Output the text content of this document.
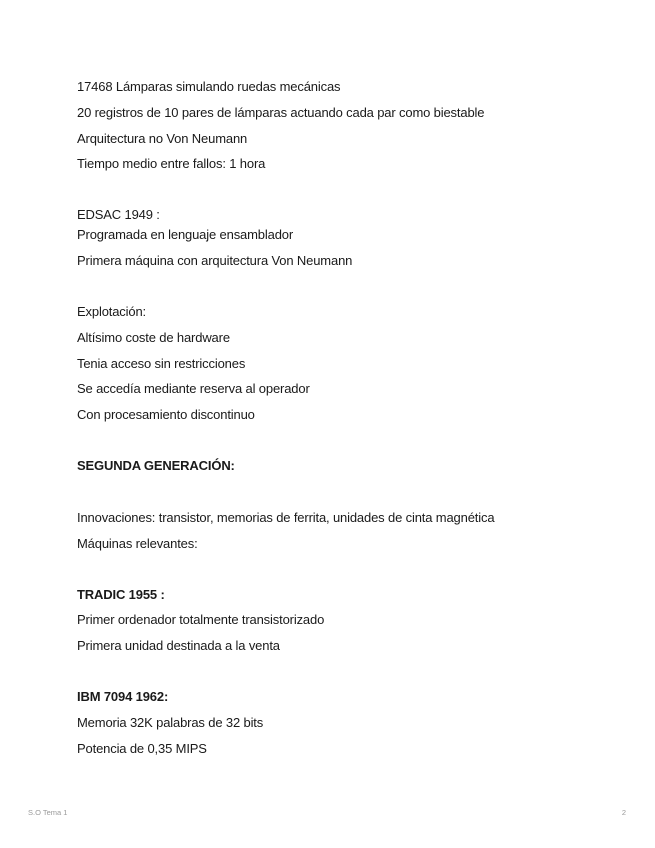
17468 Lámparas simulando ruedas mecánicas
20 registros de 10 pares de lámparas actuando cada par como biestable
Arquitectura no Von Neumann
Tiempo medio entre fallos: 1 hora
EDSAC 1949 :
Programada en lenguaje ensamblador
Primera máquina con arquitectura Von Neumann
Explotación:
Altísimo coste de hardware
Tenia acceso sin restricciones
Se accedía mediante reserva al operador
Con procesamiento discontinuo
SEGUNDA GENERACIÓN:
Innovaciones: transistor, memorias de ferrita, unidades de cinta magnética
Máquinas relevantes:
TRADIC 1955 :
Primer ordenador totalmente transistorizado
Primera unidad destinada a la venta
IBM 7094 1962:
Memoria 32K palabras de 32 bits
Potencia de 0,35 MIPS
S.O Tema 1	2
